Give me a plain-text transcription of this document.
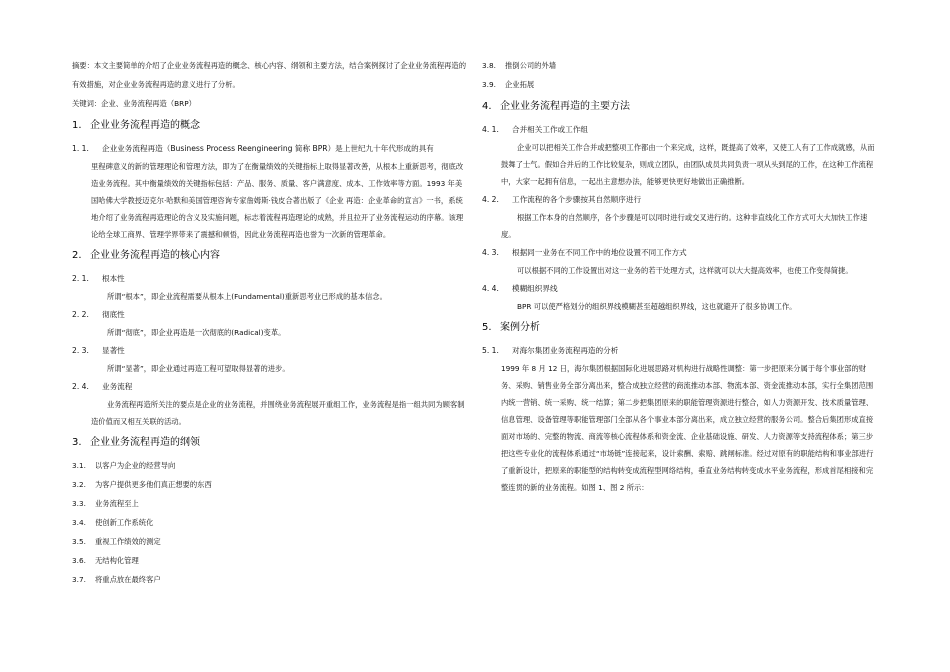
摘要：本文主要简单的介绍了企业业务流程再造的概念、核心内容、纲领和主要方法，结合案例探讨了企业业务流程再造的有效措施，对企业业务流程再造的意义进行了分析。

关键词：企业、业务流程再造（BRP）

1. 企业业务流程再造的概念

1. 1. 企业业务流程再造（Business Process Reengineering 简称 BPR）是上世纪九十年代形成的具有

里程碑意义的新的管理理论和管理方法，即为了在衡量绩效的关键指标上取得显著改善，从根本上重新思考，彻底改造业务流程。其中衡量绩效的关键指标包括：产品、服务、质量、客户满意度、成本、工作效率等方面。1993 年美国哈佛大学教授迈克尔·哈默和美国管理咨询专家詹姆斯·钱皮合著出版了《企业 再造：企业革命的宣言》一书，系统地介绍了业务流程再造理论的含义及实施问题，标志着流程再造理论的成熟，并且拉开了业务流程运动的序幕。该理论给全球工商界、管理学界带来了震撼和顿悟，因此业务流程再造也誉为一次新的管理革命。

2. 企业业务流程再造的核心内容

2. 1. 根本性

所谓“根本”，即企业流程需要从根本上(Fundamental)重新思考业已形成的基本信念。

2. 2. 彻底性

所谓“彻底”，即企业再造是一次彻底的(Radical)变革。

2. 3. 显著性

所谓“显著”，即企业通过再造工程可望取得显著的进步。

2. 4. 业务流程

业务流程再造所关注的要点是企业的业务流程，并围绕业务流程展开重组工作，业务流程是指一组共同为顾客制造价值而又相互关联的活动。

3. 企业业务流程再造的纲领

3.1. 以客户为企业的经营导向

3.2. 为客户提供更多他们真正想要的东西

3.3. 业务流程至上

3.4. 使创新工作系统化

3.5. 重视工作绩效的测定

3.6. 无结构化管理

3.7. 将重点放在最终客户

3.8. 推倒公司的外墙

3.9. 企业拓展

4. 企业业务流程再造的主要方法

4. 1. 合并相关工作或工作组

企业可以把相关工作合并或把整项工作都由一个来完成，这样，既提高了效率，又使工人有了工作成就感，从而鼓舞了士气。假如合并后的工作比较复杂，则成立团队，由团队成员共同负责一项从头到尾的工作，在这种工作流程中，大家一起拥有信息，一起出主意想办法，能够更快更好地做出正确推断。

4. 2. 工作流程的各个步骤按其自然顺序进行

根据工作本身的自然顺序，各个步骤是可以同时进行或交叉进行的。这种非直线化工作方式可大大加快工作速度。

4. 3. 根据同一业务在不同工作中的地位设置不同工作方式

可以根据不同的工作设置出对这一业务的若干处理方式，这样就可以大大提高效率，也使工作变得简捷。

4. 4. 模糊组织界线

BPR 可以使严格划分的组织界线模糊甚至超越组织界线，这也就避开了很多协调工作。

5. 案例分析

5. 1. 对海尔集团业务流程再造的分析

1999 年 8 月 12 日，海尔集团根据国际化进展思路对机构进行战略性调整：第一步把原来分属于每个事业部的财务、采购、销售业务全部分离出来，整合成独立经营的商流推动本部、物流本部、资金流推动本部，实行全集团范围内统一营销、统一采购、统一结算；第二步把集团原来的职能管理资源进行整合，如人力资源开发、技术质量管理、信息管理、设备管理等职能管理部门全部从各个事业本部分离出来，成立独立经营的服务公司。整合后集团形成直接面对市场的、完整的物流、商流等核心流程体系和资金流、企业基础设施、研发、人力资源等支持流程体系；第三步把这些专业化的流程体系通过“市场链”连接起来，设计索酬、索赔、跳闸标准。经过对原有的职能结构和事业部进行了重新设计，把原来的职能型的结构转变成流程型网络结构，垂直业务结构转变成水平业务流程，形成首尾相接和完整连贯的新的业务流程。如图 1、图 2 所示：
